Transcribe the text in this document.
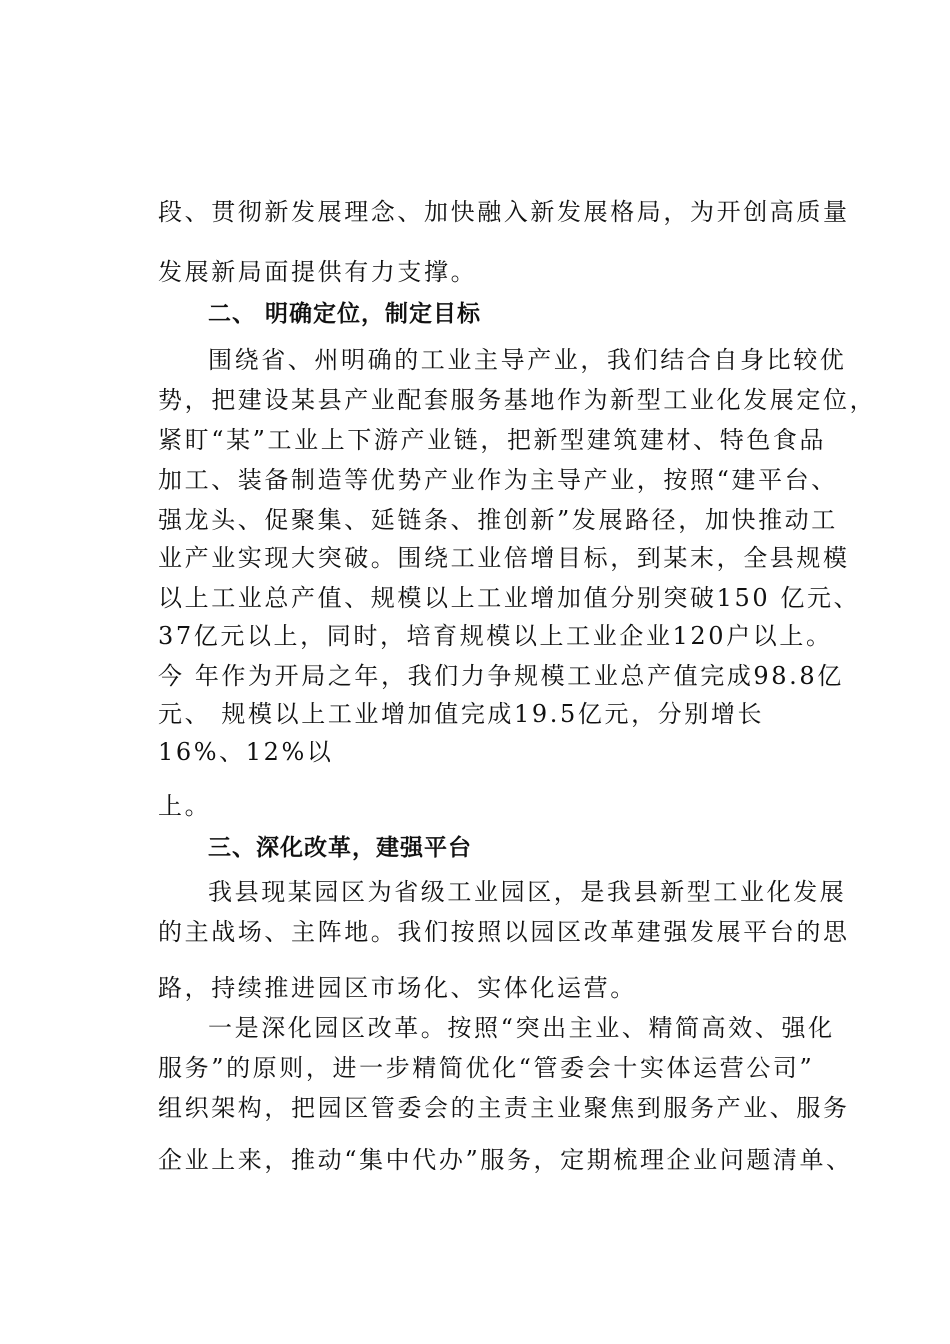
段、贯彻新发展理念、加快融入新发展格局，为开创高质量
发展新局面提供有力支撑。
二、 明确定位，制定目标
围绕省、州明确的工业主导产业，我们结合自身比较优
势，把建设某县产业配套服务基地作为新型工业化发展定位，
紧盯“某”工业上下游产业链，把新型建筑建材、特色食品
加工、装备制造等优势产业作为主导产业，按照“建平台、
强龙头、促聚集、延链条、推创新”发展路径，加快推动工
业产业实现大突破。围绕工业倍增目标，到某末，全县规模
以上工业总产值、规模以上工业增加值分别突破150 亿元、
37亿元以上，同时，培育规模以上工业企业120户以上。
今 年作为开局之年，我们力争规模工业总产值完成98.8亿
元、 规模以上工业增加值完成19.5亿元，分别增长
16%、12%以
上。
三、深化改革，建强平台
我县现某园区为省级工业园区，是我县新型工业化发展
的主战场、主阵地。我们按照以园区改革建强发展平台的思
路，持续推进园区市场化、实体化运营。
一是深化园区改革。按照“突出主业、精简高效、强化
服务”的原则，进一步精简优化“管委会十实体运营公司”
组织架构，把园区管委会的主责主业聚焦到服务产业、服务
企业上来，推动“集中代办”服务，定期梳理企业问题清单、
